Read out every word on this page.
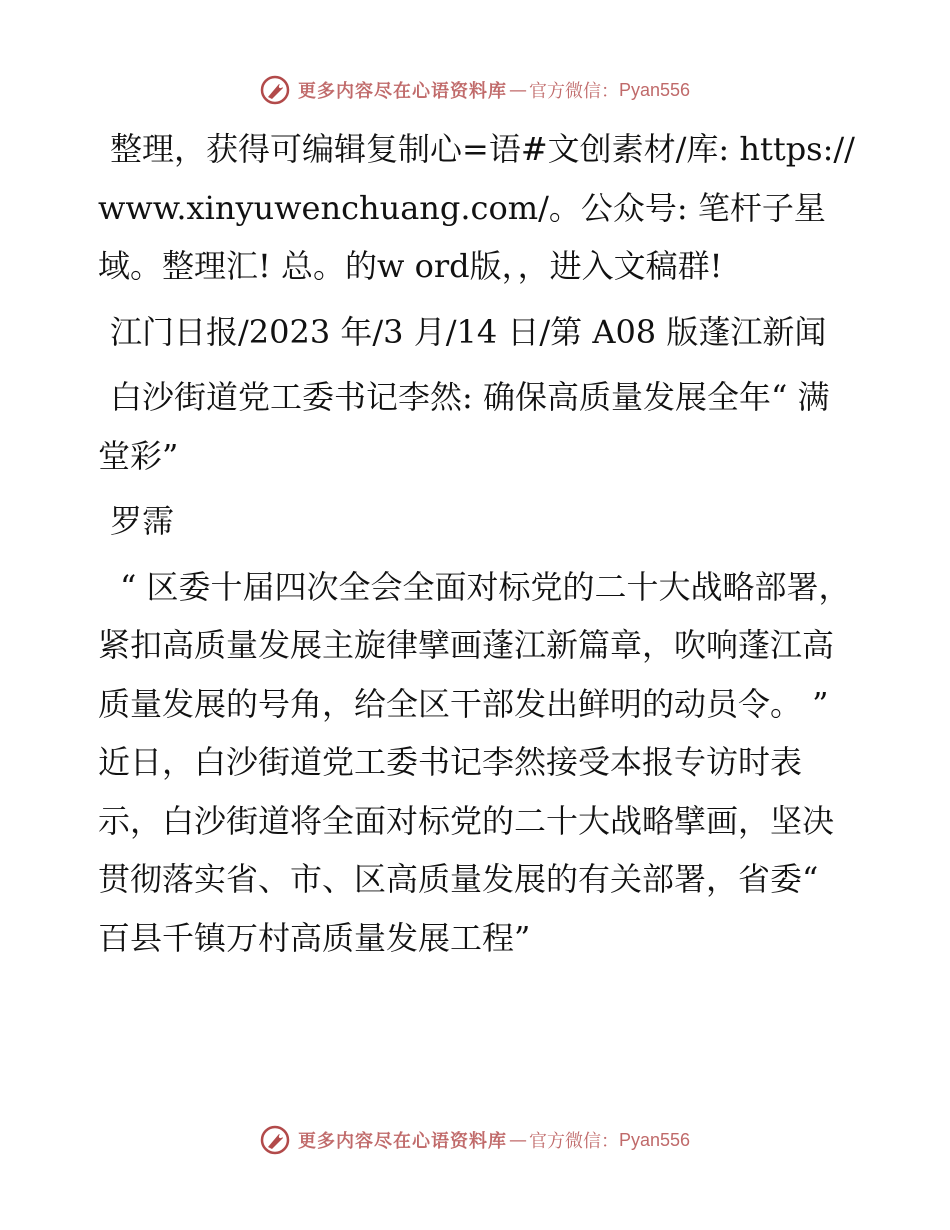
更多内容尽在心语资料库 — 官方微信： Pyan556

整理，获得可编辑复制心=语#文创素材/库: https://www.xinyuwenchuang.com/。公众号: 笔杆子星域。整理汇! 总。的w ord版，，进入文稿群!

江门日报/2023 年/3 月/14 日/第 A08 版蓬江新闻

白沙街道党工委书记李然: 确保高质量发展全年“ 满堂彩”

罗霈

“ 区委十届四次全会全面对标党的二十大战略部署，紧扣高质量发展主旋律擘画蓬江新篇章，吹响蓬江高质量发展的号角，给全区干部发出鲜明的动员令。 ” 近日，白沙街道党工委书记李然接受本报专访时表示，白沙街道将全面对标党的二十大战略擘画，坚决贯彻落实省、市、区高质量发展的有关部署，省委“ 百县千镇万村高质量发展工程”

更多内容尽在心语资料库 — 官方微信： Pyan556
